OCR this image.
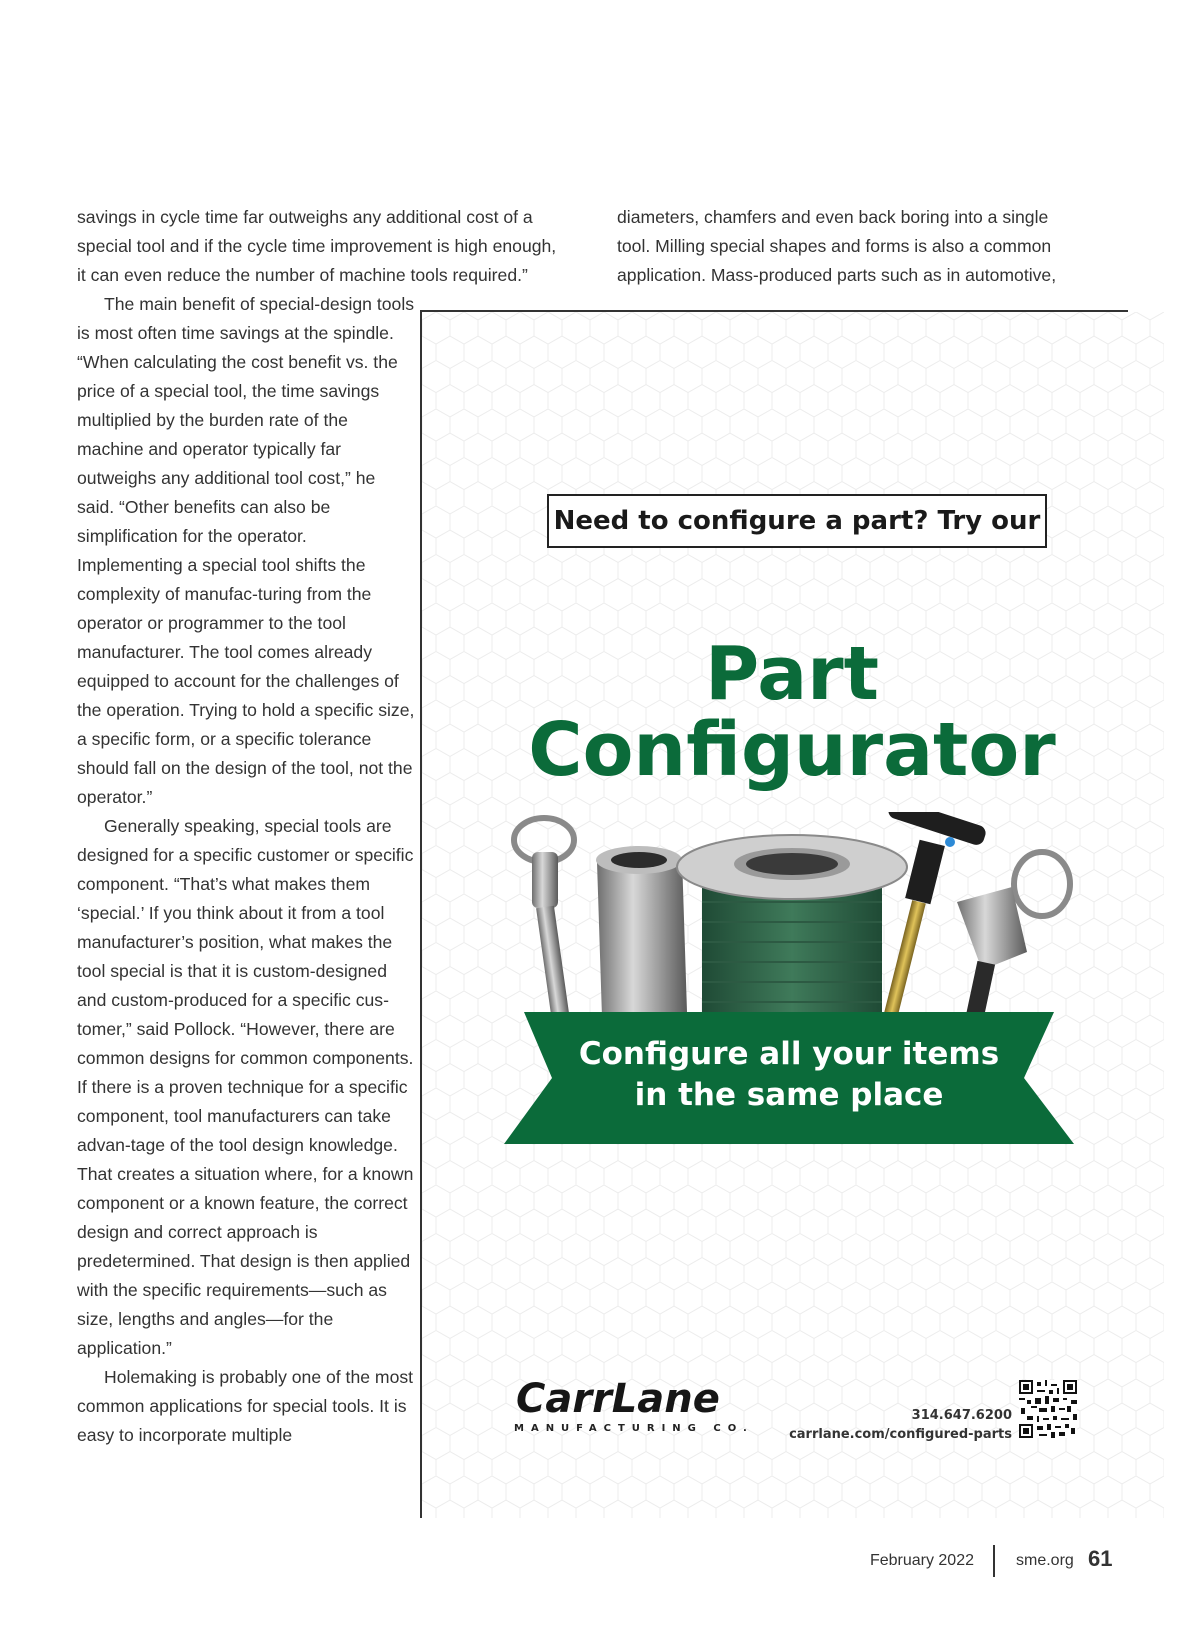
savings in cycle time far outweighs any additional cost of a

special tool and if the cycle time improvement is high enough,

it can even reduce the number of machine tools required.”

diameters, chamfers and even back boring into a single

tool. Milling special shapes and forms is also a common

application. Mass-produced parts such as in automotive,

The main benefit of special-design tools is most often time savings at the spindle. “When calculating the cost benefit vs. the price of a special tool, the time savings multiplied by the burden rate of the machine and operator typically far outweighs any additional tool cost,” he said. “Other benefits can also be simplification for the operator. Implementing a special tool shifts the complexity of manufac-turing from the operator or programmer to the tool manufacturer. The tool comes already equipped to account for the challenges of the operation. Trying to hold a specific size, a specific form, or a specific tolerance should fall on the design of the tool, not the operator.”

Generally speaking, special tools are designed for a specific customer or specific component. “That’s what makes them ‘special.’ If you think about it from a tool manufacturer’s position, what makes the tool special is that it is custom-designed and custom-produced for a specific cus-tomer,” said Pollock. “However, there are common designs for common components. If there is a proven technique for a specific component, tool manufacturers can take advan-tage of the tool design knowledge. That creates a situation where, for a known component or a known feature, the correct design and correct approach is predetermined. That design is then applied with the specific requirements—such as size, lengths and angles—for the application.”

Holemaking is probably one of the most common applications for special tools. It is easy to incorporate multiple

Need to configure a part? Try our
Part
Configurator
Configure all your items
in the same place
CarrLane
MANUFACTURING CO.
314.647.6200
carrlane.com/configured-parts
February 2022	sme.org 61
